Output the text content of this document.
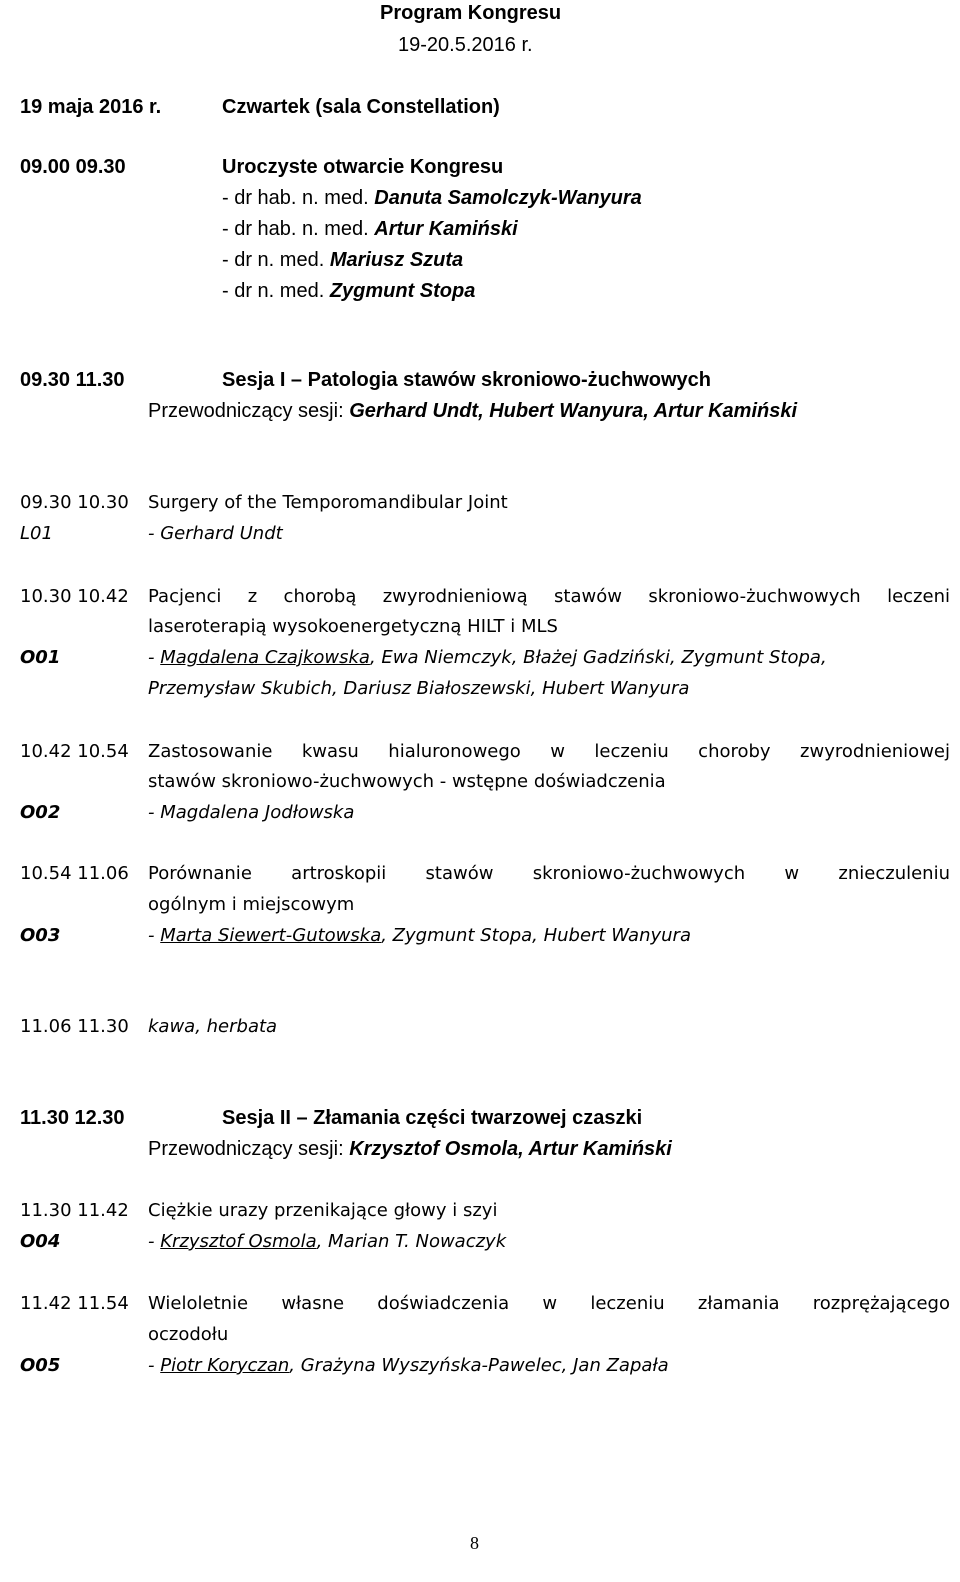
Program Kongresu
19-20.5.2016 r.
19 maja 2016 r.	Czwartek (sala Constellation)
09.00 09.30	Uroczyste otwarcie Kongresu
- dr hab. n. med. Danuta Samolczyk-Wanyura
- dr hab. n. med. Artur Kamiński
- dr n. med. Mariusz Szuta
- dr n. med. Zygmunt Stopa
09.30 11.30	Sesja I – Patologia stawów skroniowo-żuchwowych
Przewodniczący sesji: Gerhard Undt, Hubert Wanyura, Artur Kamiński
09.30 10.30 Surgery of the Temporomandibular Joint
L01	- Gerhard Undt
10.30 10.42 Pacjenci z chorobą zwyrodnieniową stawów skroniowo-żuchwowych leczeni
laseroterapią wysokoenergetyczną HILT i MLS
O01	- Magdalena Czajkowska, Ewa Niemczyk, Błażej Gadziński, Zygmunt Stopa,
Przemysław Skubich, Dariusz Białoszewski, Hubert Wanyura
10.42 10.54 Zastosowanie kwasu hialuronowego w leczeniu choroby zwyrodnieniowej
stawów skroniowo-żuchwowych - wstępne doświadczenia
O02	- Magdalena Jodłowska
10.54 11.06 Porównanie artroskopii stawów skroniowo-żuchwowych w znieczuleniu
ogólnym i miejscowym
O03	- Marta Siewert-Gutowska, Zygmunt Stopa, Hubert Wanyura
11.06 11.30 kawa, herbata
11.30 12.30	Sesja II – Złamania części twarzowej czaszki
Przewodniczący sesji: Krzysztof Osmola, Artur Kamiński
11.30 11.42 Ciężkie urazy przenikające głowy i szyi
O04	- Krzysztof Osmola, Marian T. Nowaczyk
11.42 11.54 Wieloletnie własne doświadczenia w leczeniu złamania rozprężającego
oczodołu
O05	- Piotr Koryczan, Grażyna Wyszyńska-Pawelec, Jan Zapała
8
